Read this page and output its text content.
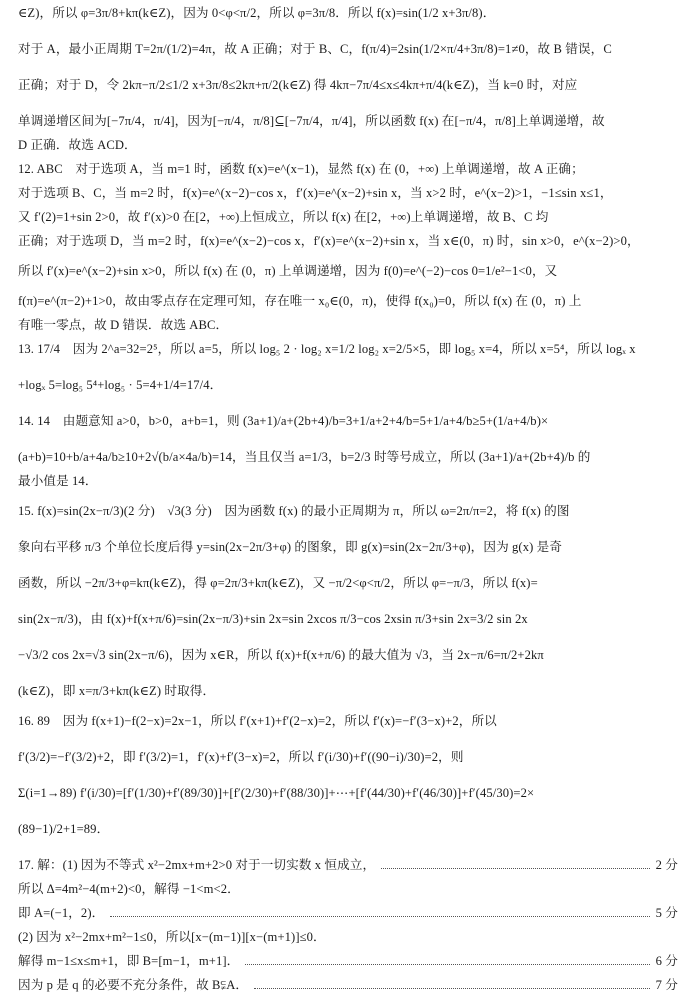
∈Z)，所以 φ=3π/8+kπ(k∈Z)，因为 0<φ<π/2，所以 φ=3π/8．所以 f(x)=sin(1/2 x+3π/8)．
对于 A，最小正周期 T=2π/(1/2)=4π，故 A 正确；对于 B、C，f(π/4)=2sin(1/2×π/4+3π/8)=1≠0，故 B 错误，C
正确；对于 D，令 2kπ−π/2≤1/2 x+3π/8≤2kπ+π/2(k∈Z) 得 4kπ−7π/4≤x≤4kπ+π/4(k∈Z)，当 k=0 时，对应
单调递增区间为[−7π/4，π/4]，因为[−π/4，π/8]⊆[−7π/4，π/4]，所以函数 f(x) 在[−π/4，π/8]上单调递增，故
D 正确．故选 ACD．
12. ABC　对于选项 A，当 m=1 时，函数 f(x)=e^(x−1)，显然 f(x) 在 (0，+∞) 上单调递增，故 A 正确；
对于选项 B、C，当 m=2 时，f(x)=e^(x−2)−cos x，f′(x)=e^(x−2)+sin x，当 x>2 时，e^(x−2)>1，−1≤sin x≤1，
又 f′(2)=1+sin 2>0，故 f′(x)>0 在[2，+∞)上恒成立，所以 f(x) 在[2，+∞)上单调递增，故 B、C 均
正确；对于选项 D，当 m=2 时，f(x)=e^(x−2)−cos x，f′(x)=e^(x−2)+sin x，当 x∈(0，π) 时，sin x>0，e^(x−2)>0，
所以 f′(x)=e^(x−2)+sin x>0，所以 f(x) 在 (0，π) 上单调递增，因为 f(0)=e^(−2)−cos 0=1/e²−1<0，又
f(π)=e^(π−2)+1>0，故由零点存在定理可知，存在唯一 x₀∈(0，π)，使得 f(x₀)=0，所以 f(x) 在 (0，π) 上
有唯一零点，故 D 错误．故选 ABC．
13. 17/4　因为 2^a=32=2⁵，所以 a=5，所以 log₅ 2 · log₂ x=1/2 log₂ x=2/5×5，即 log₅ x=4，所以 x=5⁴，所以 logₓ x
+logₓ 5=log₅ 5⁴+log₅ · 5=4+1/4=17/4．
14. 14　由题意知 a>0，b>0，a+b=1，则 (3a+1)/a+(2b+4)/b=3+1/a+2+4/b=5+1/a+4/b≥5+(1/a+4/b)×
(a+b)=10+b/a+4a/b≥10+2√(b/a×4a/b)=14，当且仅当 a=1/3，b=2/3 时等号成立，所以 (3a+1)/a+(2b+4)/b 的
最小值是 14．
15. f(x)=sin(2x−π/3)(2 分)　√3(3 分)　因为函数 f(x) 的最小正周期为 π，所以 ω=2π/π=2，将 f(x) 的图
象向右平移 π/3 个单位长度后得 y=sin(2x−2π/3+φ) 的图象，即 g(x)=sin(2x−2π/3+φ)，因为 g(x) 是奇
函数，所以 −2π/3+φ=kπ(k∈Z)，得 φ=2π/3+kπ(k∈Z)，又 −π/2<φ<π/2，所以 φ=−π/3，所以 f(x)=
sin(2x−π/3)，由 f(x)+f(x+π/6)=sin(2x−π/3)+sin 2x=sin 2xcos π/3−cos 2xsin π/3+sin 2x=3/2 sin 2x
−√3/2 cos 2x=√3 sin(2x−π/6)，因为 x∈R，所以 f(x)+f(x+π/6) 的最大值为 √3，当 2x−π/6=π/2+2kπ
(k∈Z)，即 x=π/3+kπ(k∈Z) 时取得．
16. 89　因为 f(x+1)−f(2−x)=2x−1，所以 f′(x+1)+f′(2−x)=2，所以 f′(x)=−f′(3−x)+2，所以
f′(3/2)=−f′(3/2)+2，即 f′(3/2)=1，f′(x)+f′(3−x)=2，所以 f′(i/30)+f′((90−i)/30)=2，则
Σ(i=1→89) f′(i/30)=[f′(1/30)+f′(89/30)]+[f′(2/30)+f′(88/30)]+⋯+[f′(44/30)+f′(46/30)]+f′(45/30)=2×
(89−1)/2+1=89．
17. 解：(1) 因为不等式 x²−2mx+m+2>0 对于一切实数 x 恒成立，	2 分
所以 Δ=4m²−4(m+2)<0，解得 −1<m<2．
即 A=(−1，2)．	5 分
(2) 因为 x²−2mx+m²−1≤0，所以[x−(m−1)][x−(m+1)]≤0．
解得 m−1≤x≤m+1，即 B=[m−1，m+1]．	6 分
因为 p 是 q 的必要不充分条件，故 B⫋A．	7 分
